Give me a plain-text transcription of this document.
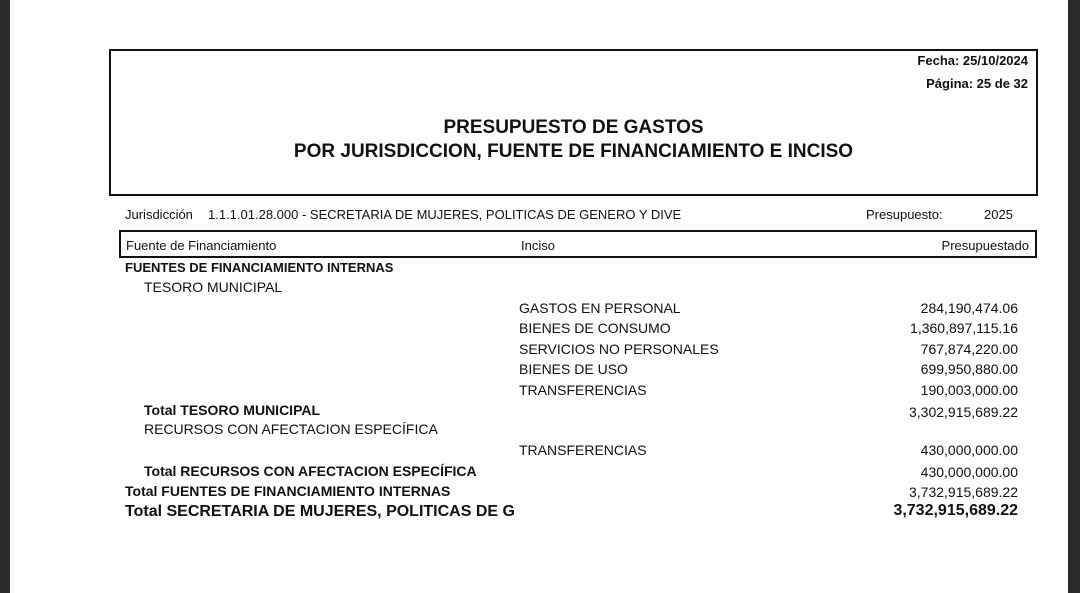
Fecha: 25/10/2024
Página: 25 de 32
PRESUPUESTO DE GASTOS
POR JURISDICCION, FUENTE DE FINANCIAMIENTO E INCISO
Jurisdicción 1.1.1.01.28.000 - SECRETARIA DE MUJERES, POLITICAS DE GENERO Y DIVE	Presupuesto:	2025
Fuente de Financiamiento	Inciso	Presupuestado
FUENTES DE FINANCIAMIENTO INTERNAS
TESORO MUNICIPAL
GASTOS EN PERSONAL	284,190,474.06
BIENES DE CONSUMO	1,360,897,115.16
SERVICIOS NO PERSONALES	767,874,220.00
BIENES DE USO	699,950,880.00
TRANSFERENCIAS	190,003,000.00
Total TESORO MUNICIPAL	3,302,915,689.22
RECURSOS CON AFECTACION ESPECÍFICA
TRANSFERENCIAS	430,000,000.00
Total RECURSOS CON AFECTACION ESPECÍFICA	430,000,000.00
Total FUENTES DE FINANCIAMIENTO INTERNAS	3,732,915,689.22
Total SECRETARIA DE MUJERES, POLITICAS DE G	3,732,915,689.22
